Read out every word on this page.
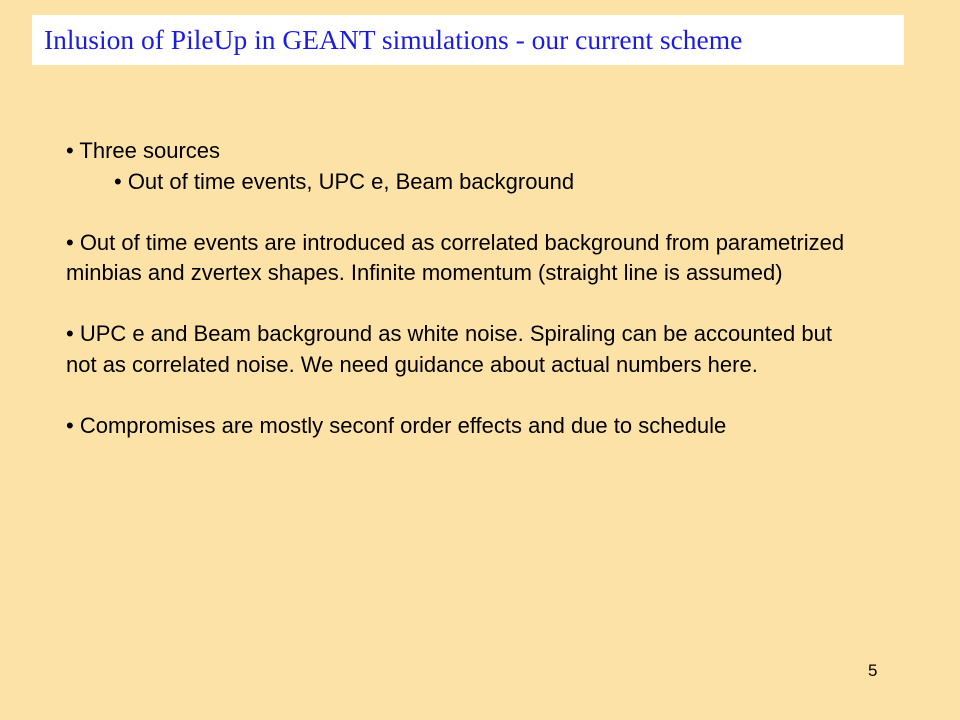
Inlusion of PileUp in GEANT simulations - our current scheme

• Three sources

• Out of time events, UPC e, Beam background

• Out of time events are introduced as correlated background from parametrized minbias and zvertex shapes. Infinite momentum (straight line is assumed)

• UPC e and Beam background as white noise. Spiraling can be accounted but not as correlated noise. We need guidance about actual numbers here.

• Compromises are mostly seconf order effects and due to schedule

5
